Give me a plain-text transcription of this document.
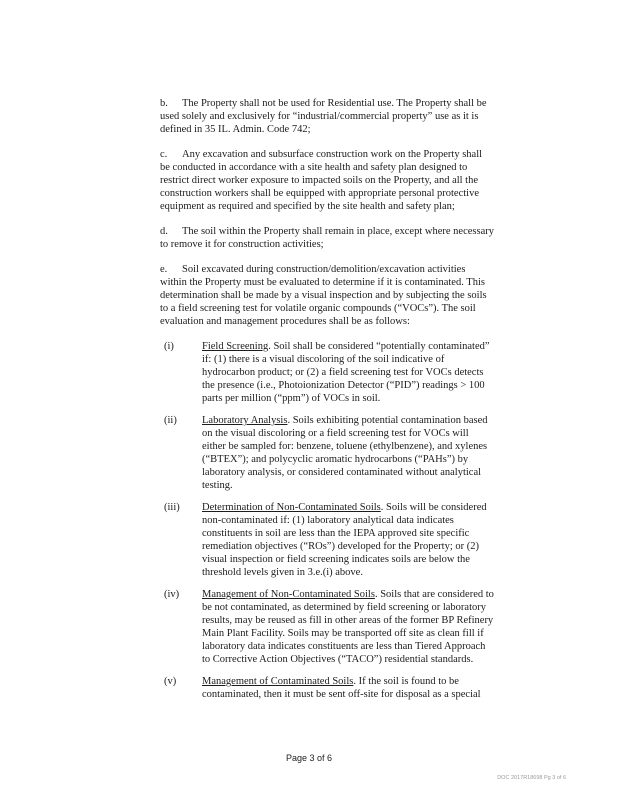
b. The Property shall not be used for Residential use. The Property shall be used solely and exclusively for “industrial/commercial property” use as it is defined in 35 IL. Admin. Code 742;

c. Any excavation and subsurface construction work on the Property shall be conducted in accordance with a site health and safety plan designed to restrict direct worker exposure to impacted soils on the Property, and all the construction workers shall be equipped with appropriate personal protective equipment as required and specified by the site health and safety plan;

d. The soil within the Property shall remain in place, except where necessary to remove it for construction activities;

e. Soil excavated during construction/demolition/excavation activities within the Property must be evaluated to determine if it is contaminated. This determination shall be made by a visual inspection and by subjecting the soils to a field screening test for volatile organic compounds (“VOCs”). The soil evaluation and management procedures shall be as follows:

(i)	Field Screening. Soil shall be considered “potentially contaminated” if: (1) there is a visual discoloring of the soil indicative of hydrocarbon product; or (2) a field screening test for VOCs detects the presence (i.e., Photoionization Detector (“PID”) readings > 100 parts per million (“ppm”) of VOCs in soil.
(ii)	Laboratory Analysis. Soils exhibiting potential contamination based on the visual discoloring or a field screening test for VOCs will either be sampled for: benzene, toluene (ethylbenzene), and xylenes (“BTEX”); and polycyclic aromatic hydrocarbons (“PAHs”) by laboratory analysis, or considered contaminated without analytical testing.
(iii)	Determination of Non-Contaminated Soils. Soils will be considered non-contaminated if: (1) laboratory analytical data indicates constituents in soil are less than the IEPA approved site specific remediation objectives (“ROs”) developed for the Property; or (2) visual inspection or field screening indicates soils are below the threshold levels given in 3.e.(i) above.
(iv)	Management of Non-Contaminated Soils. Soils that are considered to be not contaminated, as determined by field screening or laboratory results, may be reused as fill in other areas of the former BP Refinery Main Plant Facility. Soils may be transported off site as clean fill if laboratory data indicates constituents are less than Tiered Approach to Corrective Action Objectives (“TACO”) residential standards.
(v)	Management of Contaminated Soils. If the soil is found to be contaminated, then it must be sent off-site for disposal as a special
Page 3 of 6
DOC 2017R18698 Pg 3 of 6
